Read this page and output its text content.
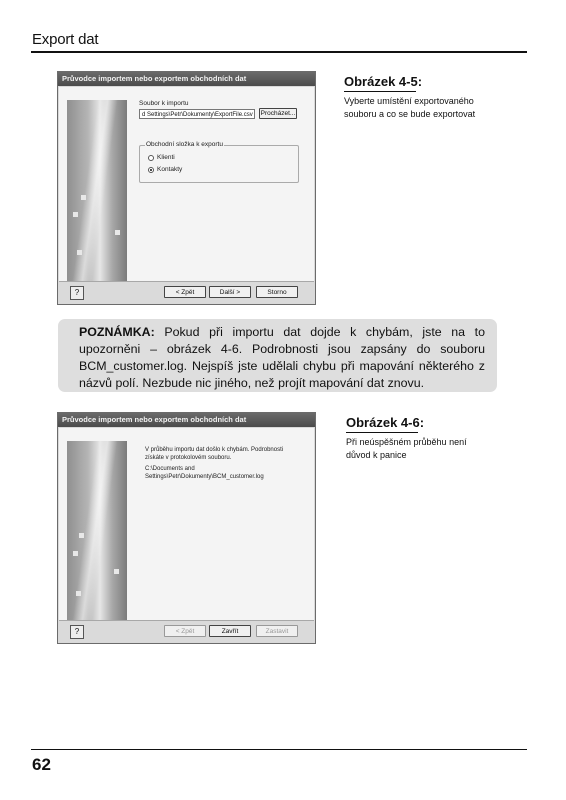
Export dat
Průvodce importem nebo exportem obchodních dat
Soubor k importu
d Settings\Petr\Dokumenty\ExportFile.csv	Procházet...
Obchodní složka k exportu
Klienti
Kontakty
?	< Zpět	Další >	Storno
Obrázek 4-5:
Vyberte umístění exportovaného souboru a co se bude exportovat
POZNÁMKA: Pokud při importu dat dojde k chybám, jste na to upozorněni – obrázek 4-6. Podrobnosti jsou zapsány do souboru BCM_customer.log. Nejspíš jste udělali chybu při mapování některého z názvů polí. Nezbude nic jiného, než projít mapování dat znovu.
Průvodce importem nebo exportem obchodních dat
V průběhu importu dat došlo k chybám. Podrobnosti získáte v protokolovém souboru.
C:\Documents and
Settings\Petr\Dokumenty\BCM_customer.log
?	< Zpět	Zavřít	Zastavit
Obrázek 4-6:
Při neúspěšném průběhu není důvod k panice
62
